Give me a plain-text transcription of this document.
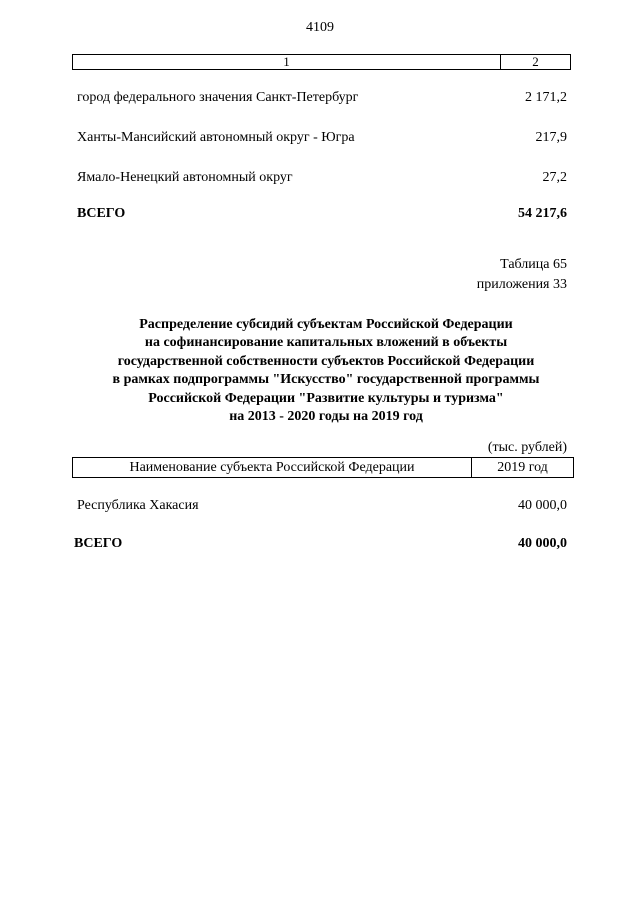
4109
1	2
город федерального значения Санкт-Петербург	2 171,2
Ханты-Мансийский автономный округ - Югра	217,9
Ямало-Ненецкий автономный округ	27,2
ВСЕГО	54 217,6
Таблица 65
приложения 33
Распределение субсидий субъектам Российской Федерации
на софинансирование капитальных вложений в объекты
государственной собственности субъектов Российской Федерации
в рамках подпрограммы "Искусство" государственной программы
Российской Федерации "Развитие культуры и туризма"
на 2013 - 2020 годы на 2019 год
(тыс. рублей)
Наименование субъекта Российской Федерации	2019 год
Республика Хакасия	40 000,0
ВСЕГО	40 000,0
